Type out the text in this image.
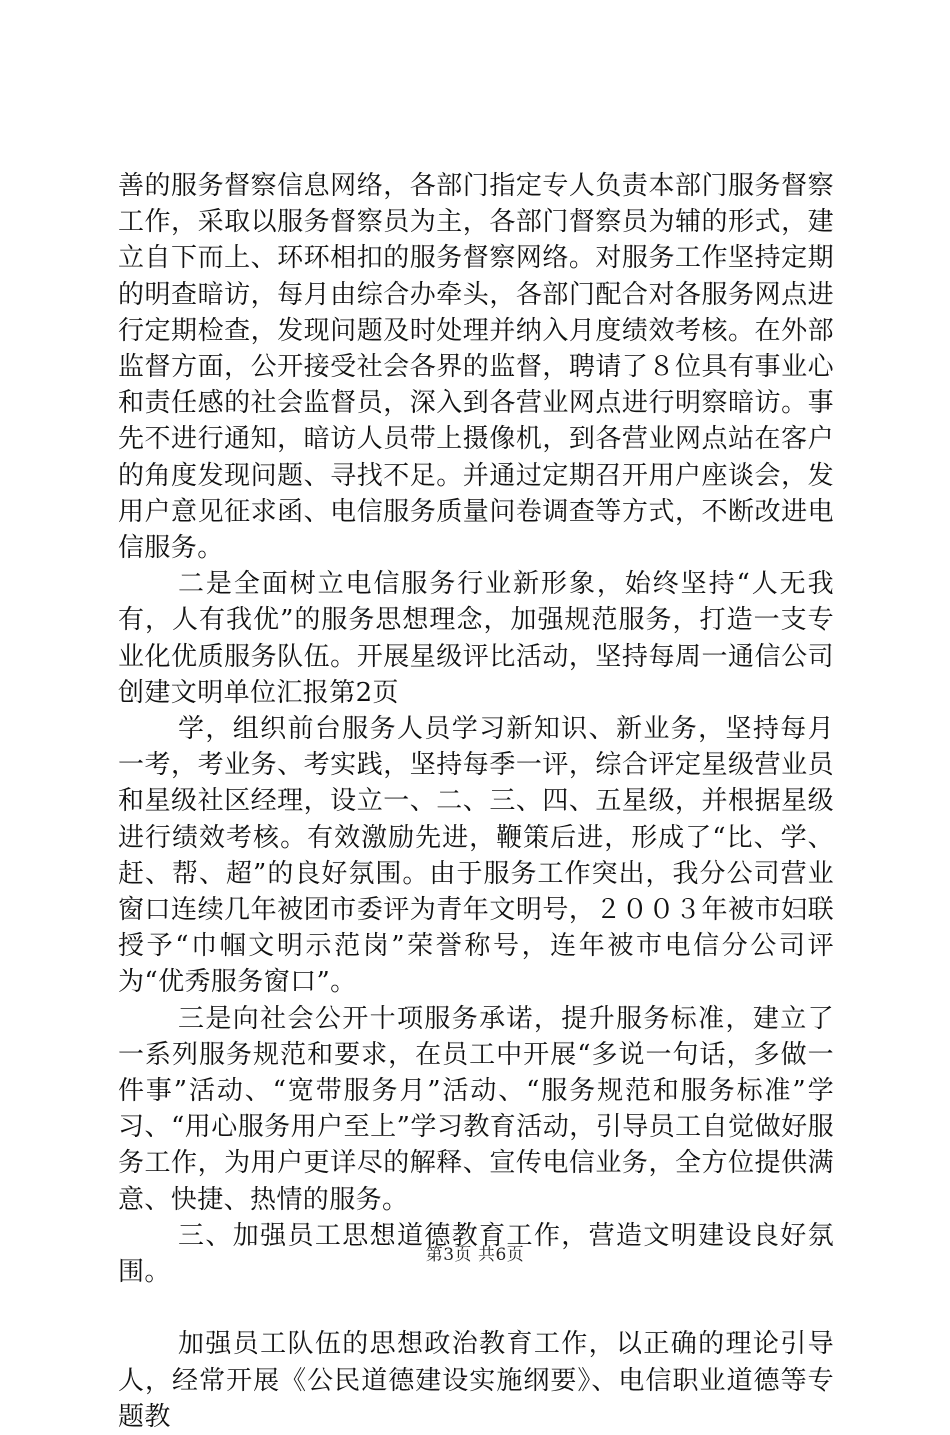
善的服务督察信息网络，各部门指定专人负责本部门服务督察工作，采取以服务督察员为主，各部门督察员为辅的形式，建立自下而上、环环相扣的服务督察网络。对服务工作坚持定期的明查暗访，每月由综合办牵头，各部门配合对各服务网点进行定期检查，发现问题及时处理并纳入月度绩效考核。在外部监督方面，公开接受社会各界的监督，聘请了８位具有事业心和责任感的社会监督员，深入到各营业网点进行明察暗访。事先不进行通知，暗访人员带上摄像机，到各营业网点站在客户的角度发现问题、寻找不足。并通过定期召开用户座谈会，发用户意见征求函、电信服务质量问卷调查等方式，不断改进电信服务。

二是全面树立电信服务行业新形象，始终坚持“人无我有，人有我优”的服务思想理念，加强规范服务，打造一支专业化优质服务队伍。开展星级评比活动，坚持每周一通信公司创建文明单位汇报第2页

学，组织前台服务人员学习新知识、新业务，坚持每月一考，考业务、考实践，坚持每季一评，综合评定星级营业员和星级社区经理，设立一、二、三、四、五星级，并根据星级进行绩效考核。有效激励先进，鞭策后进，形成了“比、学、赶、帮、超”的良好氛围。由于服务工作突出，我分公司营业窗口连续几年被团市委评为青年文明号，２００３年被市妇联授予“巾帼文明示范岗”荣誉称号，连年被市电信分公司评为“优秀服务窗口”。

三是向社会公开十项服务承诺，提升服务标准，建立了一系列服务规范和要求，在员工中开展“多说一句话，多做一件事”活动、“宽带服务月”活动、“服务规范和服务标准”学习、“用心服务用户至上”学习教育活动，引导员工自觉做好服务工作，为用户更详尽的解释、宣传电信业务，全方位提供满意、快捷、热情的服务。

三、加强员工思想道德教育工作，营造文明建设良好氛围。

加强员工队伍的思想政治教育工作，以正确的理论引导人，经常开展《公民道德建设实施纲要》、电信职业道德等专题教

第3页 共6页
